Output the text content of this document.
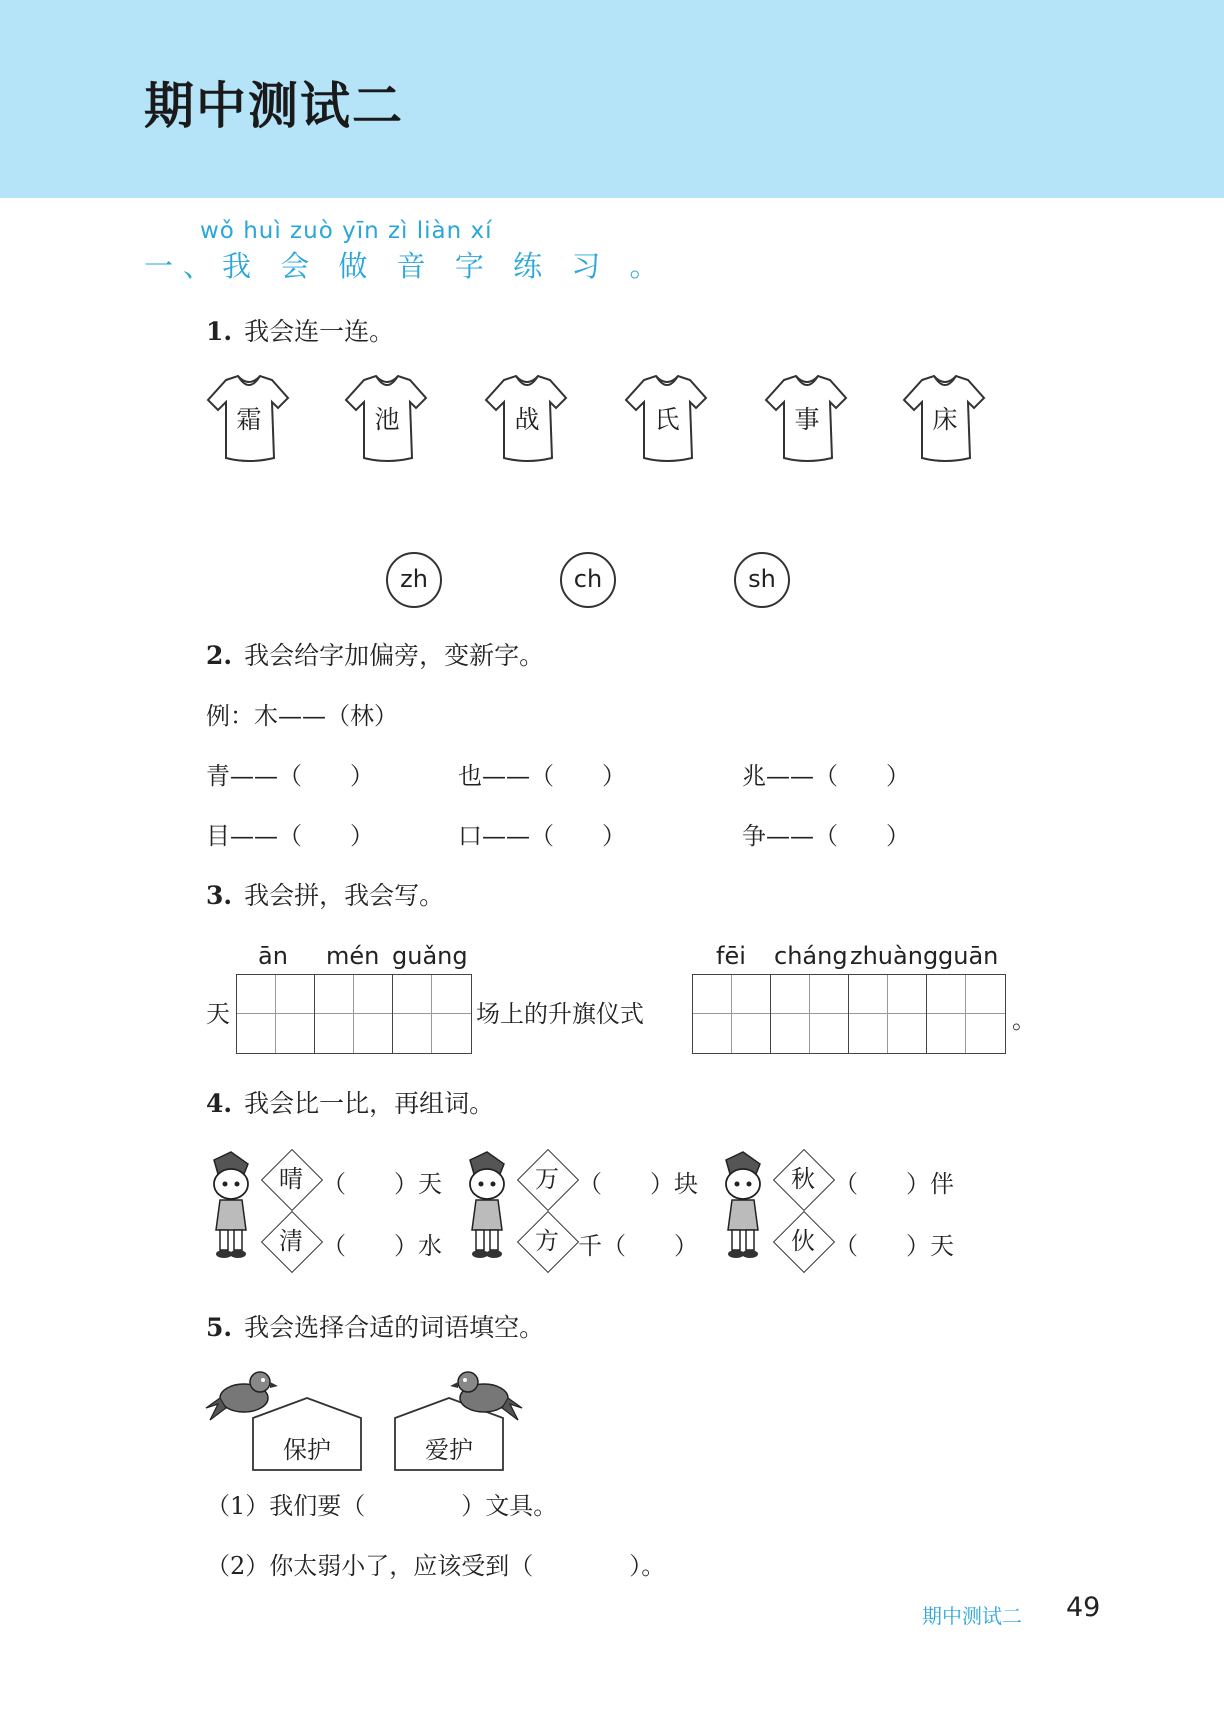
期中测试二
wǒ huì zuò yīn zì liàn xí
一、我 会 做 音 字 练 习 。
1. 我会连一连。
霜	池	战	氏	事	床
zh	ch	sh
2. 我会给字加偏旁，变新字。
例：木——（林）
青——（　　）	也——（　　）	兆——（　　）
目——（　　）	口——（　　）	争——（　　）
3. 我会拼，我会写。
ān mén guǎng	fēi cháng zhuàng guān
天	场上的升旗仪式	。
4. 我会比一比，再组词。
晴 （　　）天
清 （　　）水
万 （　　）块
方 千（　　）
秋 （　　）伴
伙 （　　）天
5. 我会选择合适的词语填空。
保护	爱护
（1）我们要（　　　　）文具。
（2）你太弱小了，应该受到（　　　　）。
期中测试二 49
